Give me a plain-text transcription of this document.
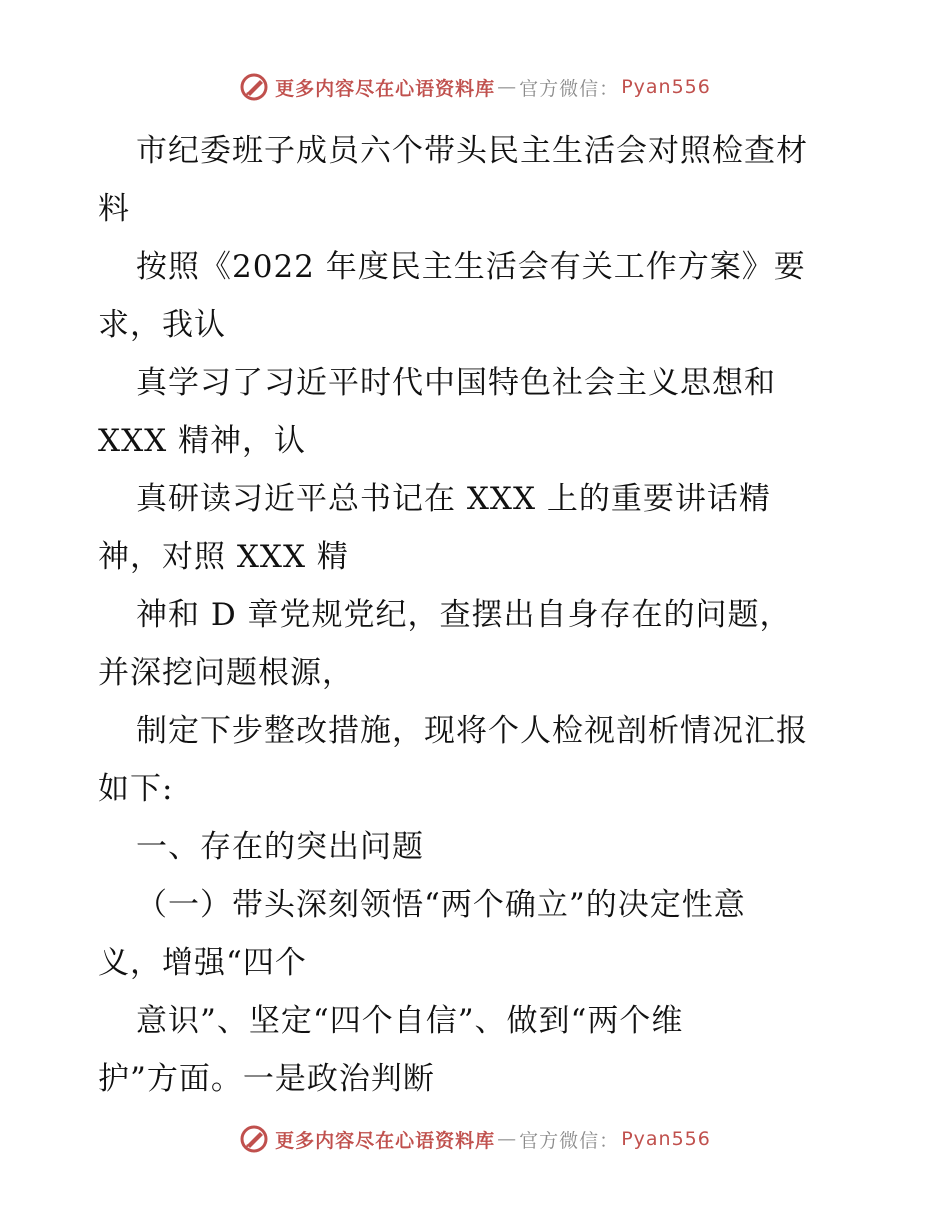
更多内容尽在心语资料库 — 官方微信： Pyan556
市纪委班子成员六个带头民主生活会对照检查材
料
按照《2022 年度民主生活会有关工作方案》要
求，我认
真学习了习近平时代中国特色社会主义思想和
XXX 精神，认
真研读习近平总书记在 XXX 上的重要讲话精
神，对照 XXX 精
神和 D 章党规党纪，查摆出自身存在的问题，
并深挖问题根源，
制定下步整改措施，现将个人检视剖析情况汇报
如下:
一、存在的突出问题
（一）带头深刻领悟“两个确立”的决定性意
义，增强“四个
意识”、坚定“四个自信”、做到“两个维
护”方面。一是政治判断
更多内容尽在心语资料库 — 官方微信： Pyan556
